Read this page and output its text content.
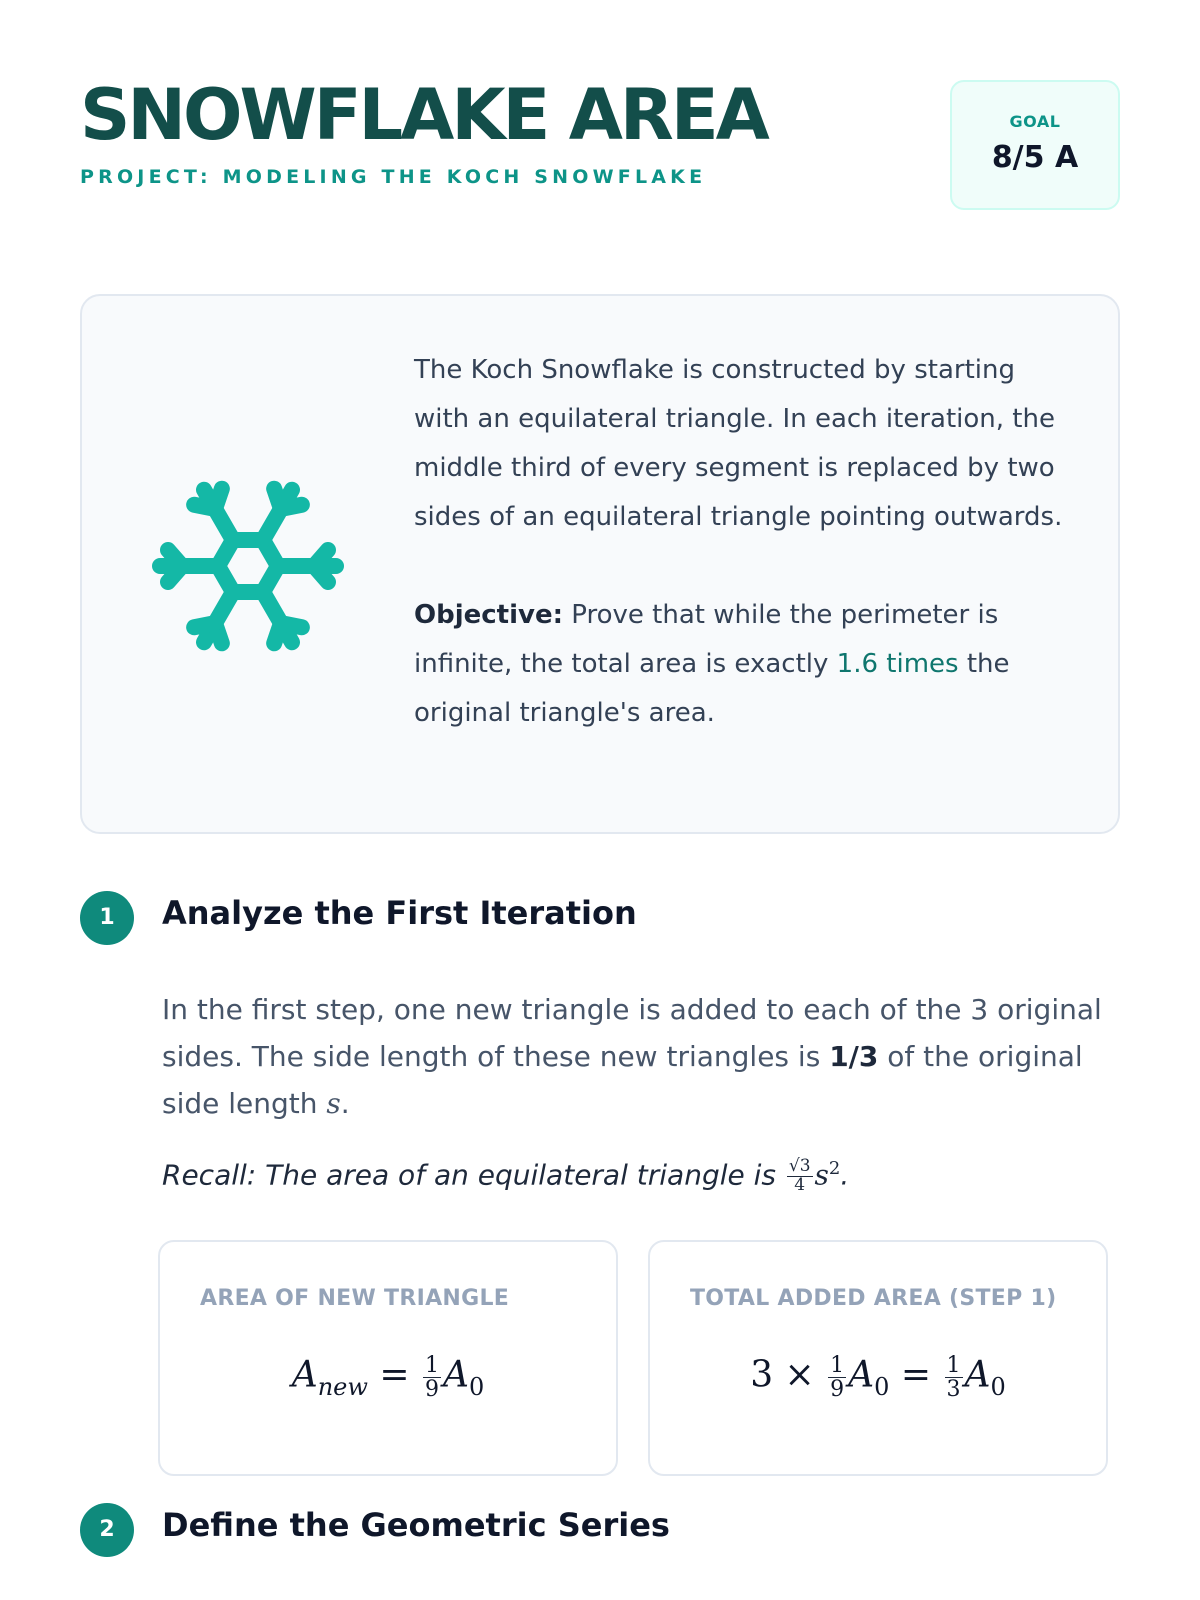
SNOWFLAKE AREA
PROJECT: MODELING THE KOCH SNOWFLAKE
GOAL
8/5 A

The Koch Snowflake is constructed by starting with an equilateral triangle. In each iteration, the middle third of every segment is replaced by two sides of an equilateral triangle pointing outwards.

Objective: Prove that while the perimeter is infinite, the total area is exactly 1.6 times the original triangle's area.

1	Analyze the First Iteration
In the first step, one new triangle is added to each of the 3 original sides. The side length of these new triangles is 1/3 of the original side length s.
Recall: The area of an equilateral triangle is $\frac{√3}{4} s^2$.
AREA OF NEW TRIANGLE
$A_{new} = \frac{1}{9} A_0$
TOTAL ADDED AREA (STEP 1)
$3 \times \frac{1}{9} A_0 = \frac{1}{3} A_0$
2	Define the Geometric Series
